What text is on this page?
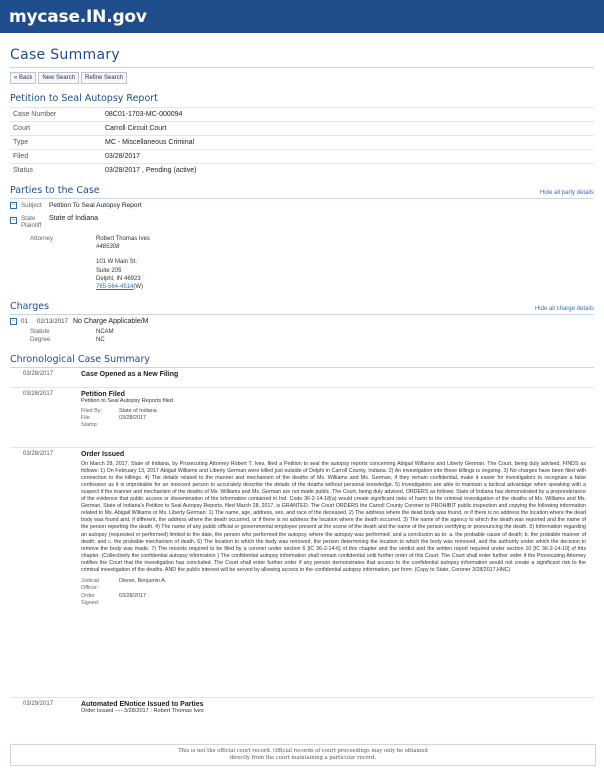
mycase.IN.gov
Case Summary
« Back	New Search	Refine Search
Petition to Seal Autopsy Report
Case Number	08C01-1703-MC-000094
Court	Carroll Circuit Court
Type	MC - Miscellaneous Criminal
Filed	03/28/2017
Status	03/28/2017 , Pending (active)
Parties to the Case	Hide all party details
− Subject	Petition To Seal Autopsy Report
− State
Plaintiff
State of Indiana
Attorney	Robert Thomas Ives
#485308
101 W Main St.
Suite 205
Delphi, IN 46923
765-564-4514(W)
Charges	Hide all charge details
− 01	02/13/2017 No Charge Applicable/M
Statute	NCAM
Degree	NC
Chronological Case Summary
03/28/2017	Case Opened as a New Filing
03/28/2017	Petition Filed
Petition to Seal Autopsy Reports filed
Filed By:	State of Indiana
File	03/28/2017
Stamp:
03/28/2017	Order Issued
On March 28, 2017, State of Indiana, by Prosecuting Attorney Robert T. Ives, filed a Petition to seal the autopsy reports concerning Abigail Williams and Liberty German. The Court, being duly advised, FINDS as follows: 1) On February 13, 2017 Abigail Williams and Liberty German were killed just outside of Delphi in Carroll County, Indiana. 2) An investigation into these killings is ongoing. 3) No charges have been filed with connection to the killings. 4) The details related to the manner and mechanism of the deaths of Ms. Williams and Ms. German, if they remain confidential, make it easier for investigators to recognize a false confession as it is improbable for an innocent person to accurately describe the details of the deaths without personal knowledge. 5) Investigators are able to maintain a tactical advantage when speaking with a suspect if the manner and mechanism of the deaths of Ms. Williams and Ms. German are not made public. The Court, being duly advised, ORDERS as follows: State of Indiana has demonstrated by a preponderance of the evidence that public access or dissemination of the information contained in Ind. Code 36-2-14-18(a) would create significant risks of harm to the criminal investigation of the deaths of Ms. Williams and Ms. German. State of Indiana's Petition to Seal Autopsy Reports, filed March 28, 2017, is GRANTED. The Court ORDERS the Carroll County Coroner to PROHIBIT public inspection and copying the following information related to Ms. Abigail Williams or Ms. Liberty German: 1) The name, age, address, sex, and race of the deceased. 2) The address where the dead body was found, or if there is no address the location where the dead body was found and, if different, the address where the death occurred, or if there is no address the location where the death occurred. 3) The name of the agency to which the death was reported and the name of the person reporting the death. 4) The name of any public official or governmental employee present at the scene of the death and the name of the person certifying or pronouncing the death. 5) Information regarding an autopsy (requested or performed) limited to the date, the person who performed the autopsy, where the autopsy was performed, and a conclusion as to: a. the probable cause of death; b. the probable manner of death; and c. the probable mechanism of death. 6) The location to which the body was removed, the person determining the location to which the body was removed, and the authority under which the decision to remove the body was made. 7) The records required to be filed by a coroner under section 6 [IC 36-2-14-6] of this chapter and the verdict and the written report required under section 10 [IC 36-2-14-10] of this chapter. (Collectively the confidential autopsy information ) The confidential autopsy information shall remain confidential until further order of this Court. The Court shall enter further order if the Prosecuting Attorney notifies the Court that the investigation has concluded. The Court shall enter further order if any person demonstrates that access to the confidential autopsy information would not create a significant risk to the criminal investigation of the deaths, AND the public interest will be served by allowing access to the confidential autopsy information, per form. (Copy to State, Coroner 3/28/2017,HNC)
Judicial	Diener, Benjamin A.
Officer:
Order	03/28/2017
Signed:
03/29/2017	Automated ENotice Issued to Parties
Order Issued ---- 3/28/2017 : Robert Thomas Ives
This is not the official court record. Official records of court proceedings may only be obtained
directly from the court maintaining a particular record.
